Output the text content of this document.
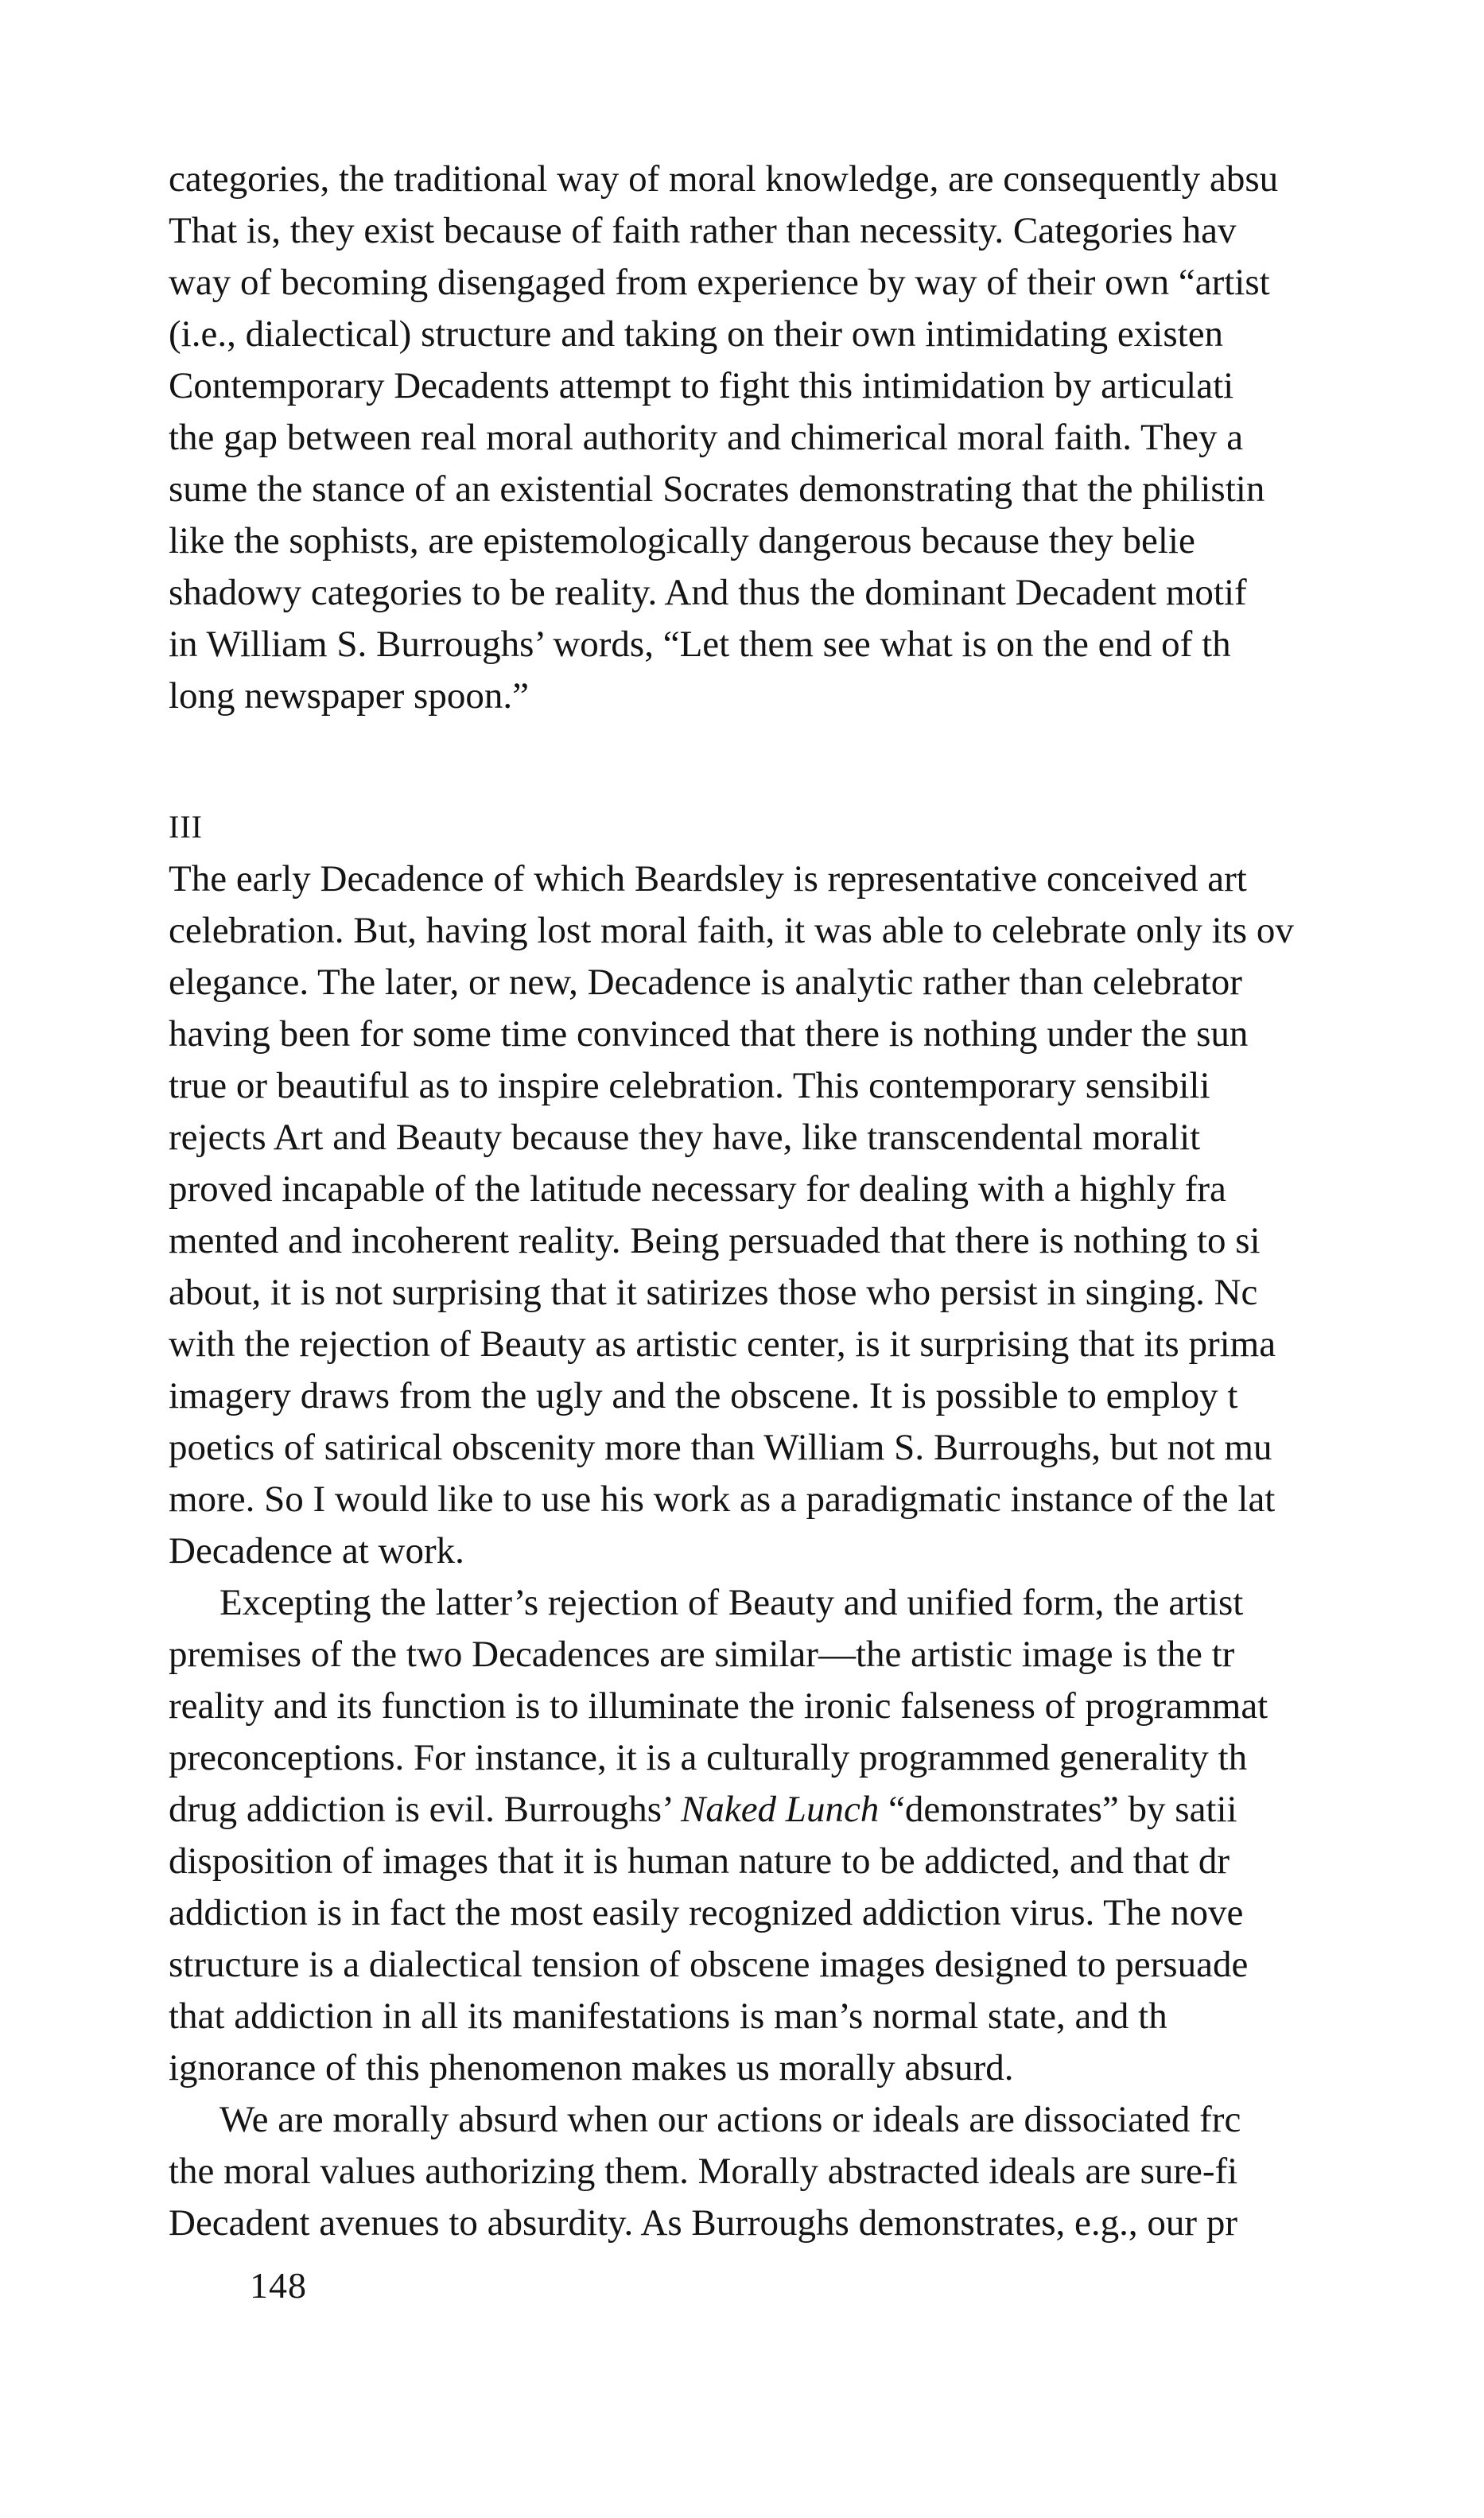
categories, the traditional way of moral knowledge, are consequently absu
That is, they exist because of faith rather than necessity. Categories hav
way of becoming disengaged from experience by way of their own “artist
(i.e., dialectical) structure and taking on their own intimidating existen
Contemporary Decadents attempt to fight this intimidation by articulati
the gap between real moral authority and chimerical moral faith. They a
sume the stance of an existential Socrates demonstrating that the philistin
like the sophists, are epistemologically dangerous because they belie
shadowy categories to be reality. And thus the dominant Decadent motif
in William S. Burroughs’ words, “Let them see what is on the end of th
long newspaper spoon.”
III
The early Decadence of which Beardsley is representative conceived art
celebration. But, having lost moral faith, it was able to celebrate only its ov
elegance. The later, or new, Decadence is analytic rather than celebrator
having been for some time convinced that there is nothing under the sun
true or beautiful as to inspire celebration. This contemporary sensibili
rejects Art and Beauty because they have, like transcendental moralit
proved incapable of the latitude necessary for dealing with a highly fra
mented and incoherent reality. Being persuaded that there is nothing to si
about, it is not surprising that it satirizes those who persist in singing. Nc
with the rejection of Beauty as artistic center, is it surprising that its prima
imagery draws from the ugly and the obscene. It is possible to employ t
poetics of satirical obscenity more than William S. Burroughs, but not mu
more. So I would like to use his work as a paradigmatic instance of the lat
Decadence at work.
Excepting the latter’s rejection of Beauty and unified form, the artist
premises of the two Decadences are similar—the artistic image is the tr
reality and its function is to illuminate the ironic falseness of programmat
preconceptions. For instance, it is a culturally programmed generality th
drug addiction is evil. Burroughs’ Naked Lunch “demonstrates” by satii
disposition of images that it is human nature to be addicted, and that dr
addiction is in fact the most easily recognized addiction virus. The nove
structure is a dialectical tension of obscene images designed to persuade
that addiction in all its manifestations is man’s normal state, and th
ignorance of this phenomenon makes us morally absurd.
We are morally absurd when our actions or ideals are dissociated frc
the moral values authorizing them. Morally abstracted ideals are sure-fi
Decadent avenues to absurdity. As Burroughs demonstrates, e.g., our pr
148
